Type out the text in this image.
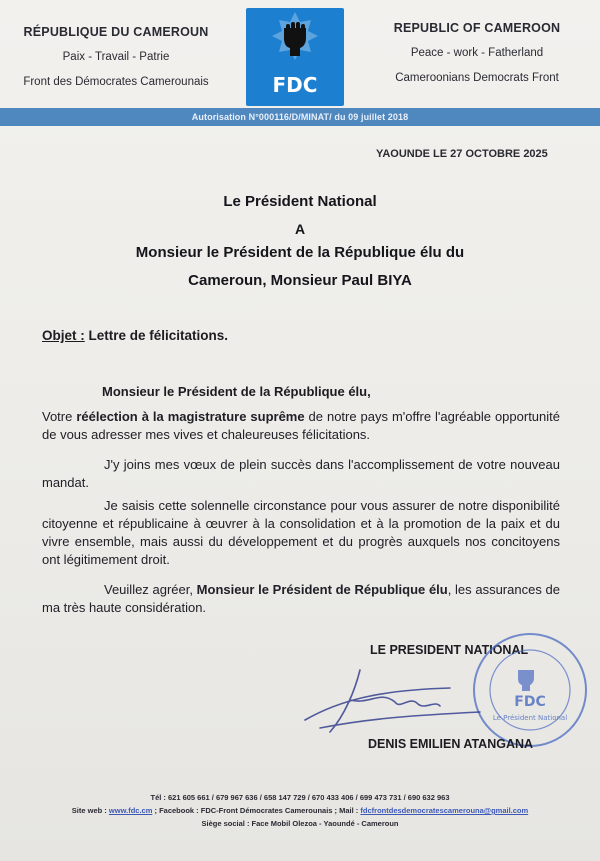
RÉPUBLIQUE DU CAMEROUN
Paix - Travail - Patrie
Front des Démocrates Camerounais	FDC
REPUBLIC OF CAMEROON
Peace - work - Fatherland
Cameroonians Democrats Front
Autorisation N°000116/D/MINAT/ du 09 juillet 2018
YAOUNDE LE 27 OCTOBRE 2025
Le Président National
A
Monsieur le Président de la République élu du
Cameroun, Monsieur Paul BIYA
Objet : Lettre de félicitations.
Monsieur le Président de la République élu,
Votre réélection à la magistrature suprême de notre pays m'offre l'agréable opportunité de vous adresser mes vives et chaleureuses félicitations.
J'y joins mes vœux de plein succès dans l'accomplissement de votre nouveau mandat.
Je saisis cette solennelle circonstance pour vous assurer de notre disponibilité citoyenne et républicaine à œuvrer à la consolidation et à la promotion de la paix et du vivre ensemble, mais aussi du développement et du progrès auxquels nos concitoyens ont légitimement droit.
Veuillez agréer, Monsieur le Président de République élu, les assurances de ma très haute considération.
LE PRESIDENT NATIONAL
FDC
Le Président National
DENIS EMILIEN ATANGANA
Tél : 621 605 661 / 679 967 636 / 658 147 729 / 670 433 406 / 699 473 731 / 690 632 963
Site web : www.fdc.cm ; Facebook : FDC-Front Démocrates Camerounais ; Mail : fdcfrontdesdemocratescamerouna@gmail.com
Siège social : Face Mobil Olezoa - Yaoundé - Cameroun
